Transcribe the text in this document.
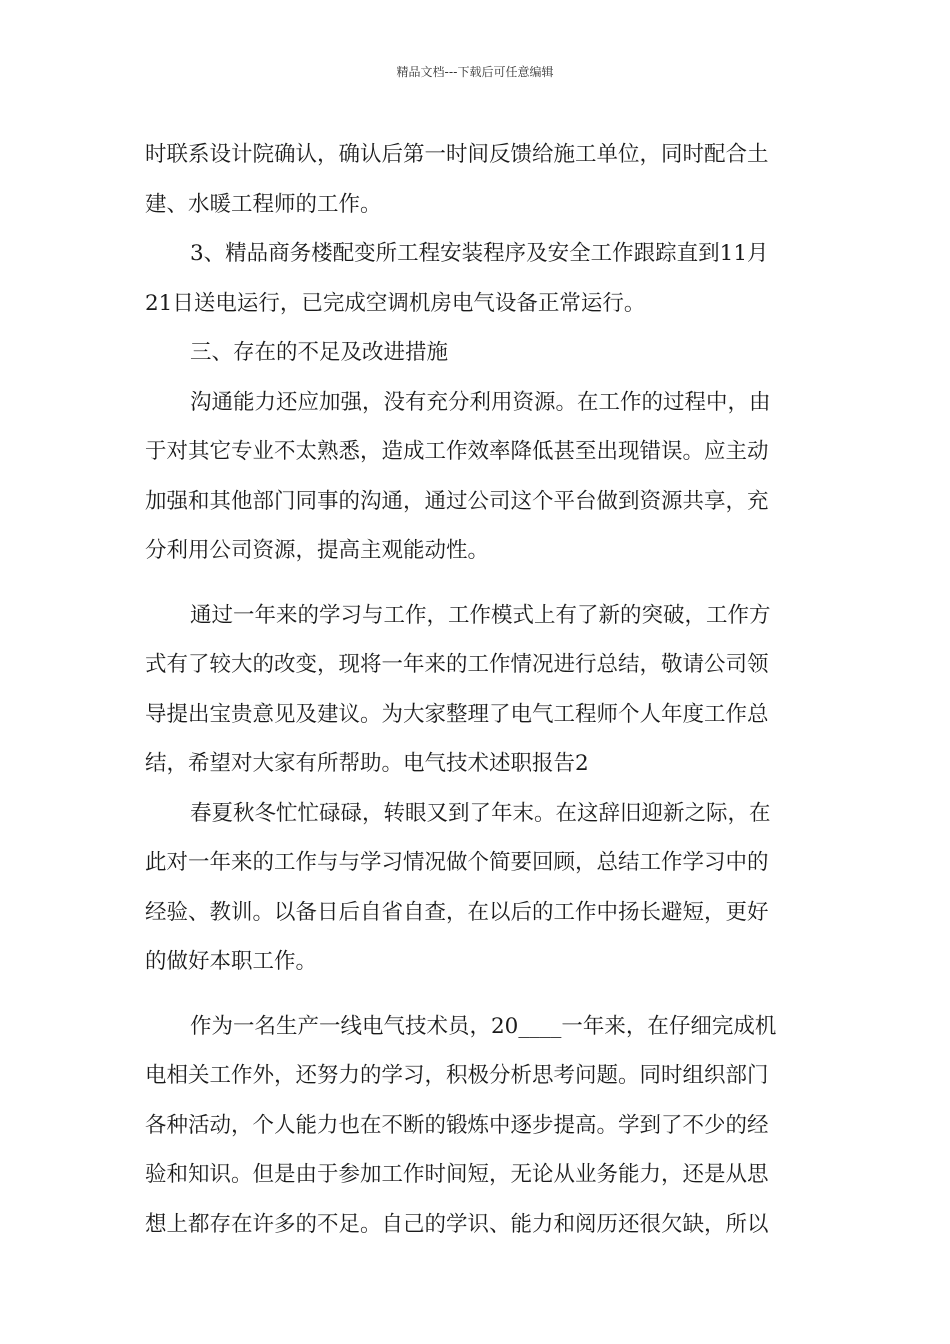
精品文档---下载后可任意编辑
时联系设计院确认，确认后第一时间反馈给施工单位，同时配合土
建、水暖工程师的工作。
3、精品商务楼配变所工程安装程序及安全工作跟踪直到11月
21日送电运行，已完成空调机房电气设备正常运行。
三、存在的不足及改进措施
沟通能力还应加强，没有充分利用资源。在工作的过程中，由
于对其它专业不太熟悉，造成工作效率降低甚至出现错误。应主动
加强和其他部门同事的沟通，通过公司这个平台做到资源共享，充
分利用公司资源，提高主观能动性。
通过一年来的学习与工作，工作模式上有了新的突破，工作方
式有了较大的改变，现将一年来的工作情况进行总结，敬请公司领
导提出宝贵意见及建议。为大家整理了电气工程师个人年度工作总
结，希望对大家有所帮助。电气技术述职报告2
春夏秋冬忙忙碌碌，转眼又到了年末。在这辞旧迎新之际，在
此对一年来的工作与与学习情况做个简要回顾，总结工作学习中的
经验、教训。以备日后自省自查，在以后的工作中扬长避短，更好
的做好本职工作。
作为一名生产一线电气技术员，20____一年来，在仔细完成机
电相关工作外，还努力的学习，积极分析思考问题。同时组织部门
各种活动，个人能力也在不断的锻炼中逐步提高。学到了不少的经
验和知识。但是由于参加工作时间短，无论从业务能力，还是从思
想上都存在许多的不足。自己的学识、能力和阅历还很欠缺，所以
